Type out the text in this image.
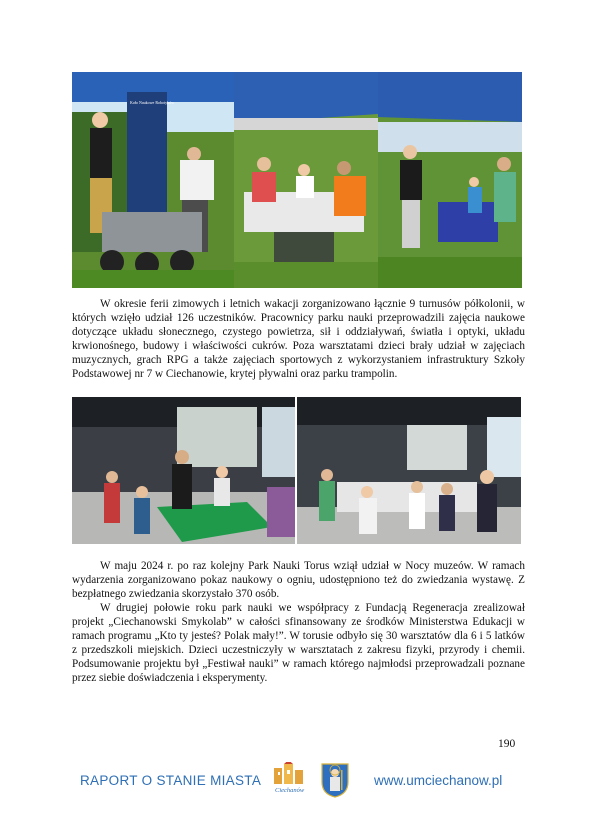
Koło Naukowe Robotyków

W okresie ferii zimowych i letnich wakacji zorganizowano łącznie 9 turnusów półkolonii, w których wzięło udział 126 uczestników. Pracownicy parku nauki przeprowadzili zajęcia naukowe dotyczące układu słonecznego, czystego powietrza, sił i oddziaływań, światła i optyki, układu krwionośnego, budowy i właściwości cukrów. Poza warsztatami dzieci brały udział w zajęciach muzycznych, grach RPG a także zajęciach sportowych z wykorzystaniem infrastruktury Szkoły Podstawowej nr 7 w Ciechanowie, krytej pływalni oraz parku trampolin.

W maju 2024 r. po raz kolejny Park Nauki Torus wziął udział w Nocy muzeów. W ramach wydarzenia zorganizowano pokaz naukowy o ogniu, udostępniono też do zwiedzania wystawę. Z bezpłatnego zwiedzania skorzystało 370 osób.

W drugiej połowie roku park nauki we współpracy z Fundacją Regeneracja zrealizował projekt „Ciechanowski Smykolab” w całości sfinansowany ze środków Ministerstwa Edukacji w ramach programu „Kto ty jesteś? Polak mały!”. W torusie odbyło się 30 warsztatów dla 6 i 5 latków z przedszkoli miejskich. Dzieci uczestniczyły w warsztatach z zakresu fizyki, przyrody i chemii. Podsumowanie projektu był „Festiwał nauki” w ramach którego najmłodsi przeprowadzali poznane przez siebie doświadczenia i eksperymenty.

190
RAPORT O STANIE MIASTA
Ciechanów
www.umciechanow.pl
